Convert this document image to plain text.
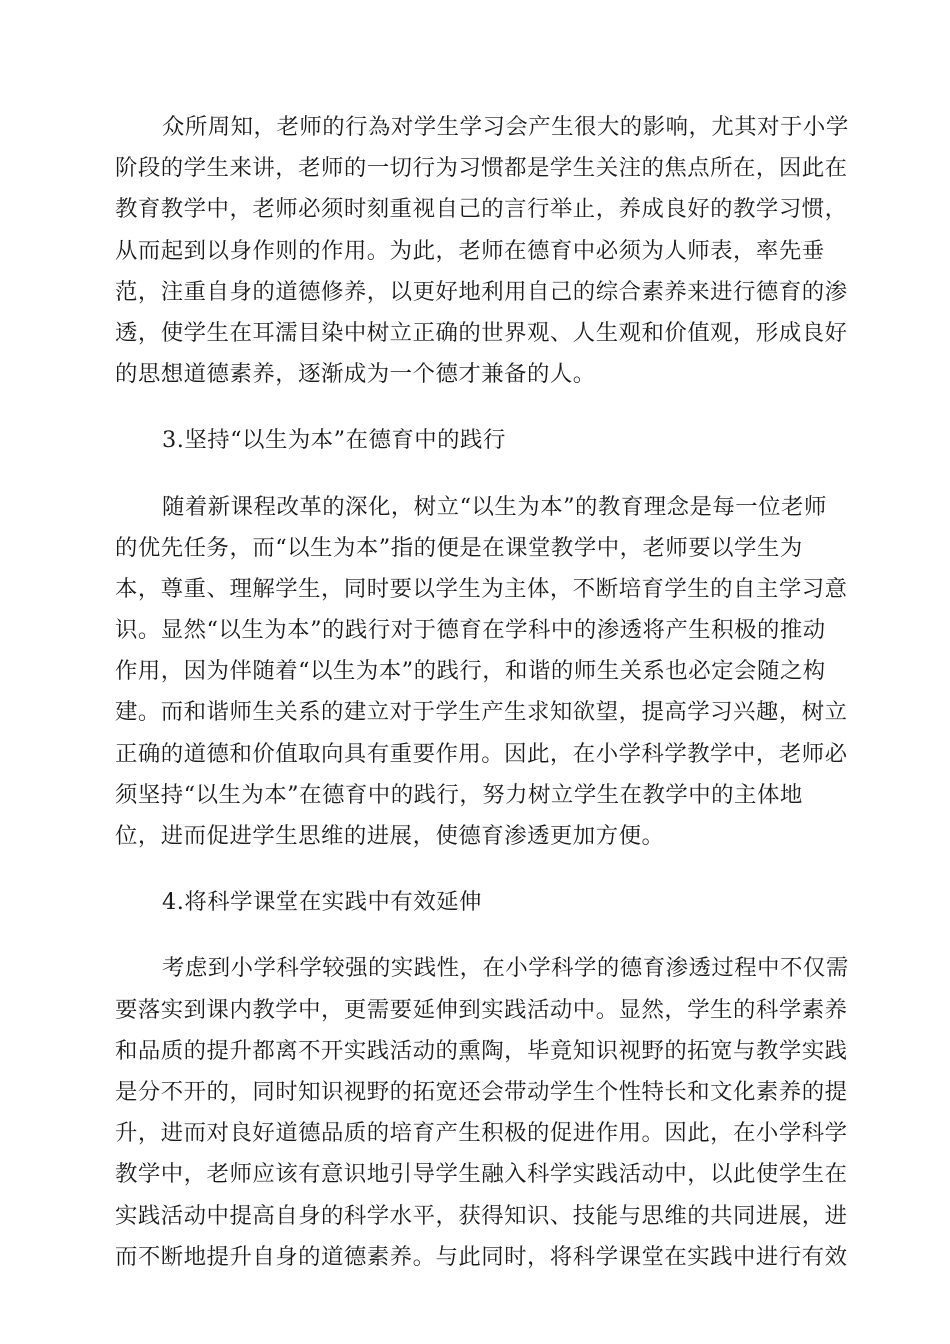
众所周知，老师的行為对学生学习会产生很大的影响，尤其对于小学
阶段的学生来讲，老师的一切行为习惯都是学生关注的焦点所在，因此在
教育教学中，老师必须时刻重视自己的言行举止，养成良好的教学习惯，
从而起到以身作则的作用。为此，老师在德育中必须为人师表，率先垂
范，注重自身的道德修养，以更好地利用自己的综合素养来进行德育的渗
透，使学生在耳濡目染中树立正确的世界观、人生观和价值观，形成良好
的思想道德素养，逐渐成为一个德才兼备的人。
3.坚持“以生为本”在德育中的践行
随着新课程改革的深化，树立“以生为本”的教育理念是每一位老师
的优先任务，而“以生为本”指的便是在课堂教学中，老师要以学生为
本，尊重、理解学生，同时要以学生为主体，不断培育学生的自主学习意
识。显然“以生为本”的践行对于德育在学科中的渗透将产生积极的推动
作用，因为伴随着“以生为本”的践行，和谐的师生关系也必定会随之构
建。而和谐师生关系的建立对于学生产生求知欲望，提高学习兴趣，树立
正确的道德和价值取向具有重要作用。因此，在小学科学教学中，老师必
须坚持“以生为本”在德育中的践行，努力树立学生在教学中的主体地
位，进而促进学生思维的进展，使德育渗透更加方便。
4.将科学课堂在实践中有效延伸
考虑到小学科学较强的实践性，在小学科学的德育渗透过程中不仅需
要落实到课内教学中，更需要延伸到实践活动中。显然，学生的科学素养
和品质的提升都离不开实践活动的熏陶，毕竟知识视野的拓宽与教学实践
是分不开的，同时知识视野的拓宽还会带动学生个性特长和文化素养的提
升，进而对良好道德品质的培育产生积极的促进作用。因此，在小学科学
教学中，老师应该有意识地引导学生融入科学实践活动中，以此使学生在
实践活动中提高自身的科学水平，获得知识、技能与思维的共同进展，进
而不断地提升自身的道德素养。与此同时，将科学课堂在实践中进行有效
